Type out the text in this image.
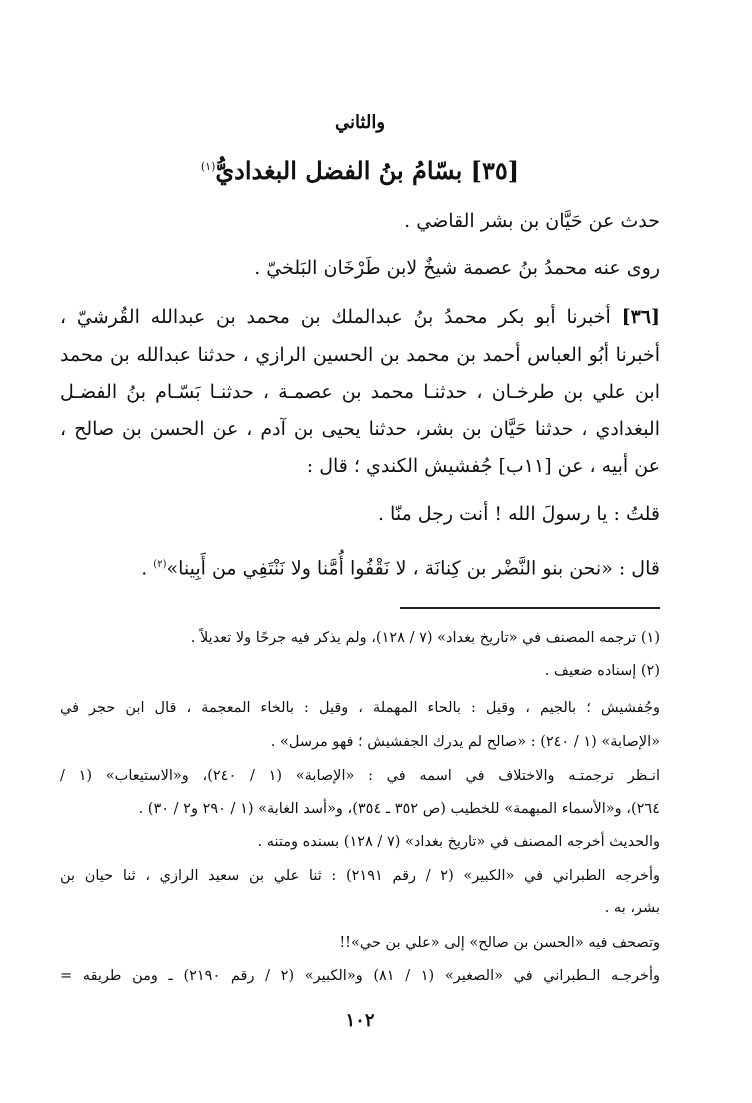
والثاني
[٣٥] بسّامُ بنُ الفضل البغداديُّ$^{(١)}$
حدث عن حَيَّان بن بشر القاضي .
روى عنه محمدُ بنُ عصمة شيخٌ لابن طَرْخَان البَلخيّ .
[٣٦] أخبرنا أبو بكر محمدُ بنُ عبدالملك بن محمد بن عبدالله القُرشيّ ،
أخبرنا أبُو العباس أحمد بن محمد بن الحسين الرازي ، حدثنا عبدالله بن محمد
ابن علي بن طرخـان ، حدثنـا محمد بن عصمـة ، حدثنـا بَسّـام بنُ الفضـل
البغدادي ، حدثنا حَيَّان بن بشر، حدثنا يحيى بن آدم ، عن الحسن بن صالح ،
عن أبيه ، عن [١١ب] جُفشيش الكندي ؛ قال :
قلتُ : يا رسولَ الله ! أنت رجل منّا .
قال : «نحن بنو النَّضْر بن كِنانَة ، لا نَقْفُوا أُمَّنا ولا نَنْتَفِي من أَبِينا»$^{(٢)}$ .
(١) ترجمه المصنف في «تاريخ بغداد» (٧ / ١٢٨)، ولم يذكر فيه جرحًا ولا تعديلاً .
(٢) إسناده ضعيف .
وجُفشيش ؛ بالجيم ، وقيل : بالحاء المهملة ، وقيل : بالخاء المعجمة ، قال ابن حجر في
«الإصابة» (١ / ٢٤٠) : «صالح لم يدرك الجفشيش ؛ فهو مرسل» .
انـظر ترجمتـه والاختلاف في اسمه في : «الإصابة» (١ / ٢٤٠)، و«الاستيعاب» (١ /
٢٦٤)، و«الأسماء المبهمة» للخطيب (ص ٣٥٢ ـ ٣٥٤)، و«أسد الغابة» (١ / ٢٩٠ و٢ / ٣٠) .
والحديث أخرجه المصنف في «تاريخ بغداد» (٧ / ١٢٨) بسنده ومتنه .
وأخرجه الطبراني في «الكبير» (٢ / رقم ٢١٩١) : ثنا علي بن سعيد الرازي ، ثنا حيان بن
بشر، به .
وتصحف فيه «الحسن بن صالح» إلى «علي بن حي»!!
وأخرجـه الـطبراني في «الصغير» (١ / ٨١) و«الكبير» (٢ / رقم ٢١٩٠) ـ ومن طريقه =
١٠٢
